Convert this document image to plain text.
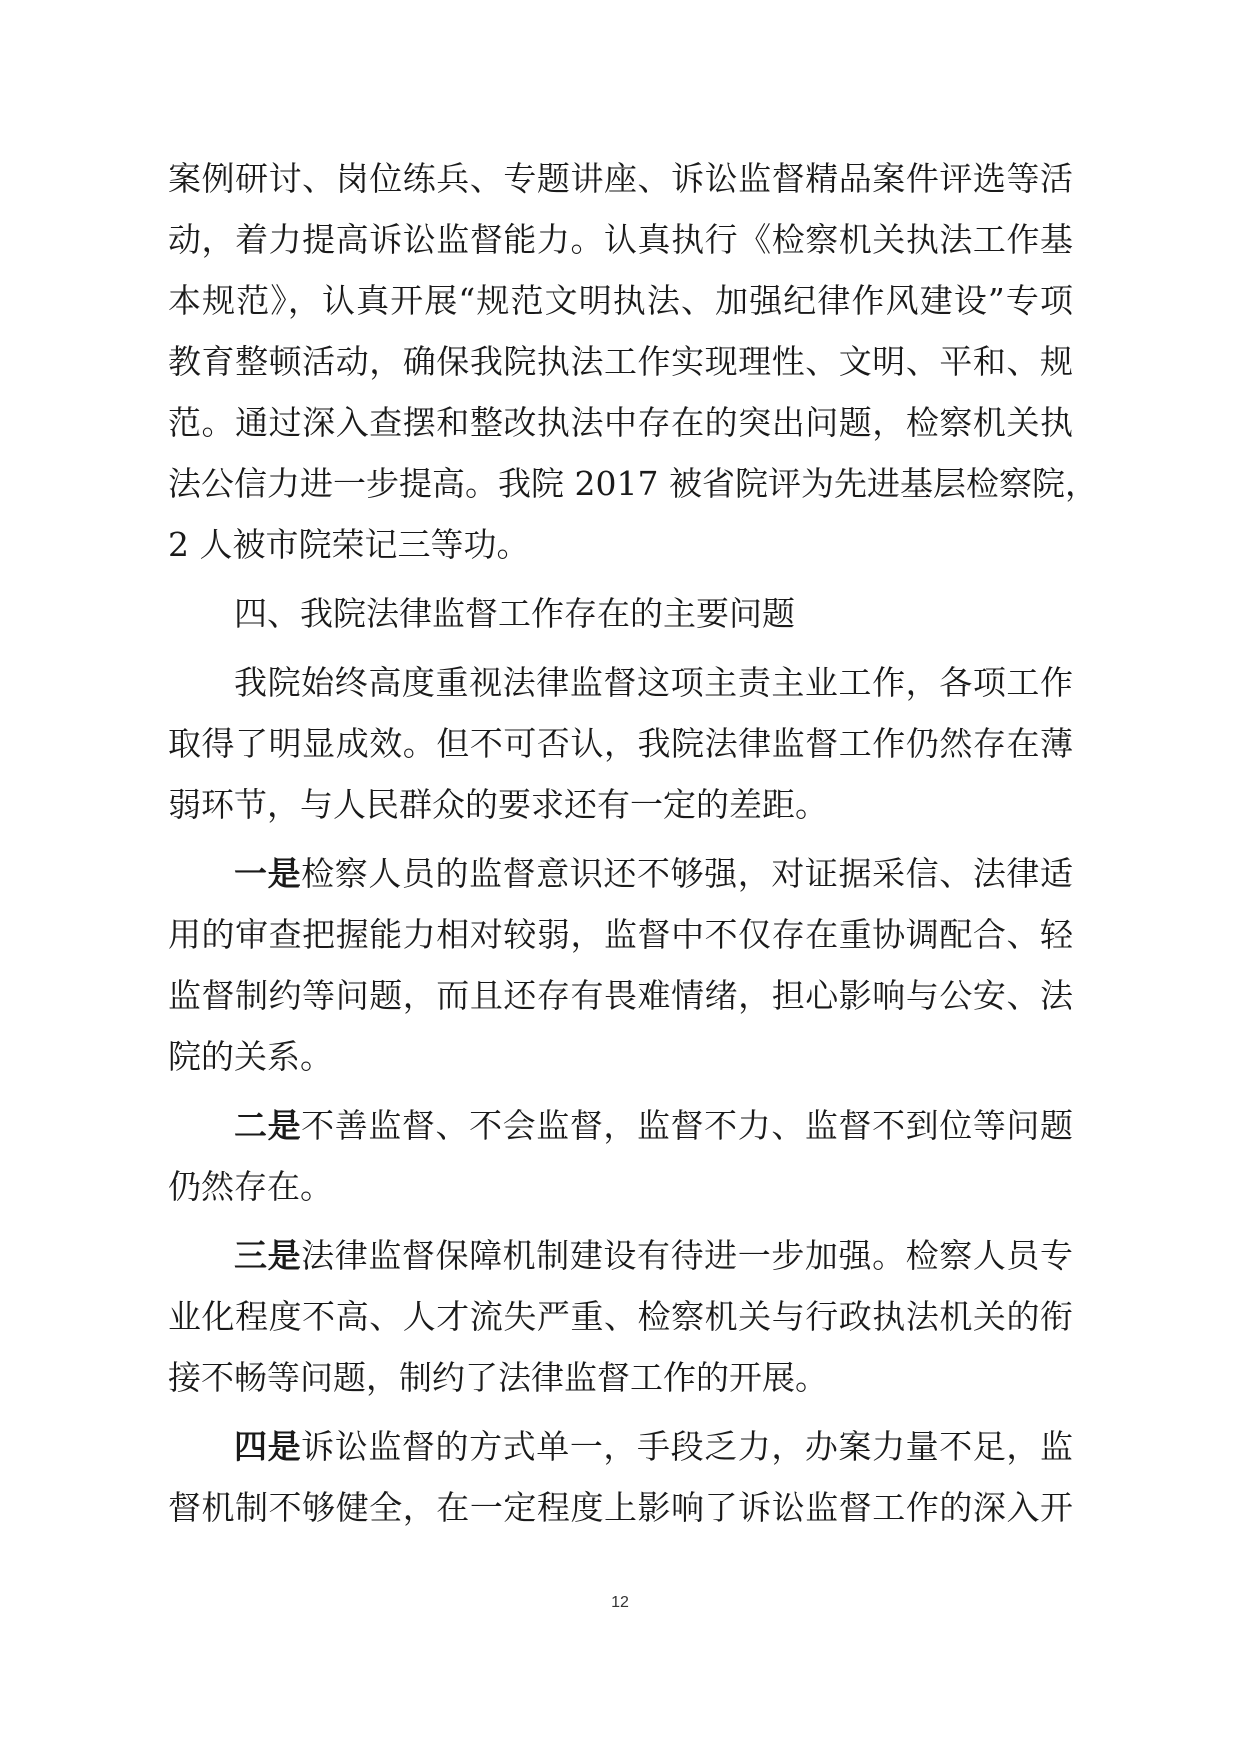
案例研讨、岗位练兵、专题讲座、诉讼监督精品案件评选等活
动，着力提高诉讼监督能力。认真执行《检察机关执法工作基
本规范》，认真开展“规范文明执法、加强纪律作风建设”专项
教育整顿活动，确保我院执法工作实现理性、文明、平和、规
范。通过深入查摆和整改执法中存在的突出问题，检察机关执
法公信力进一步提高。我院 2017 被省院评为先进基层检察院，
2 人被市院荣记三等功。
四、我院法律监督工作存在的主要问题
我院始终高度重视法律监督这项主责主业工作，各项工作
取得了明显成效。但不可否认，我院法律监督工作仍然存在薄
弱环节，与人民群众的要求还有一定的差距。
一是检察人员的监督意识还不够强，对证据采信、法律适
用的审查把握能力相对较弱，监督中不仅存在重协调配合、轻
监督制约等问题，而且还存有畏难情绪，担心影响与公安、法
院的关系。
二是不善监督、不会监督，监督不力、监督不到位等问题
仍然存在。
三是法律监督保障机制建设有待进一步加强。检察人员专
业化程度不高、人才流失严重、检察机关与行政执法机关的衔
接不畅等问题，制约了法律监督工作的开展。
四是诉讼监督的方式单一，手段乏力，办案力量不足，监
督机制不够健全，在一定程度上影响了诉讼监督工作的深入开
12
